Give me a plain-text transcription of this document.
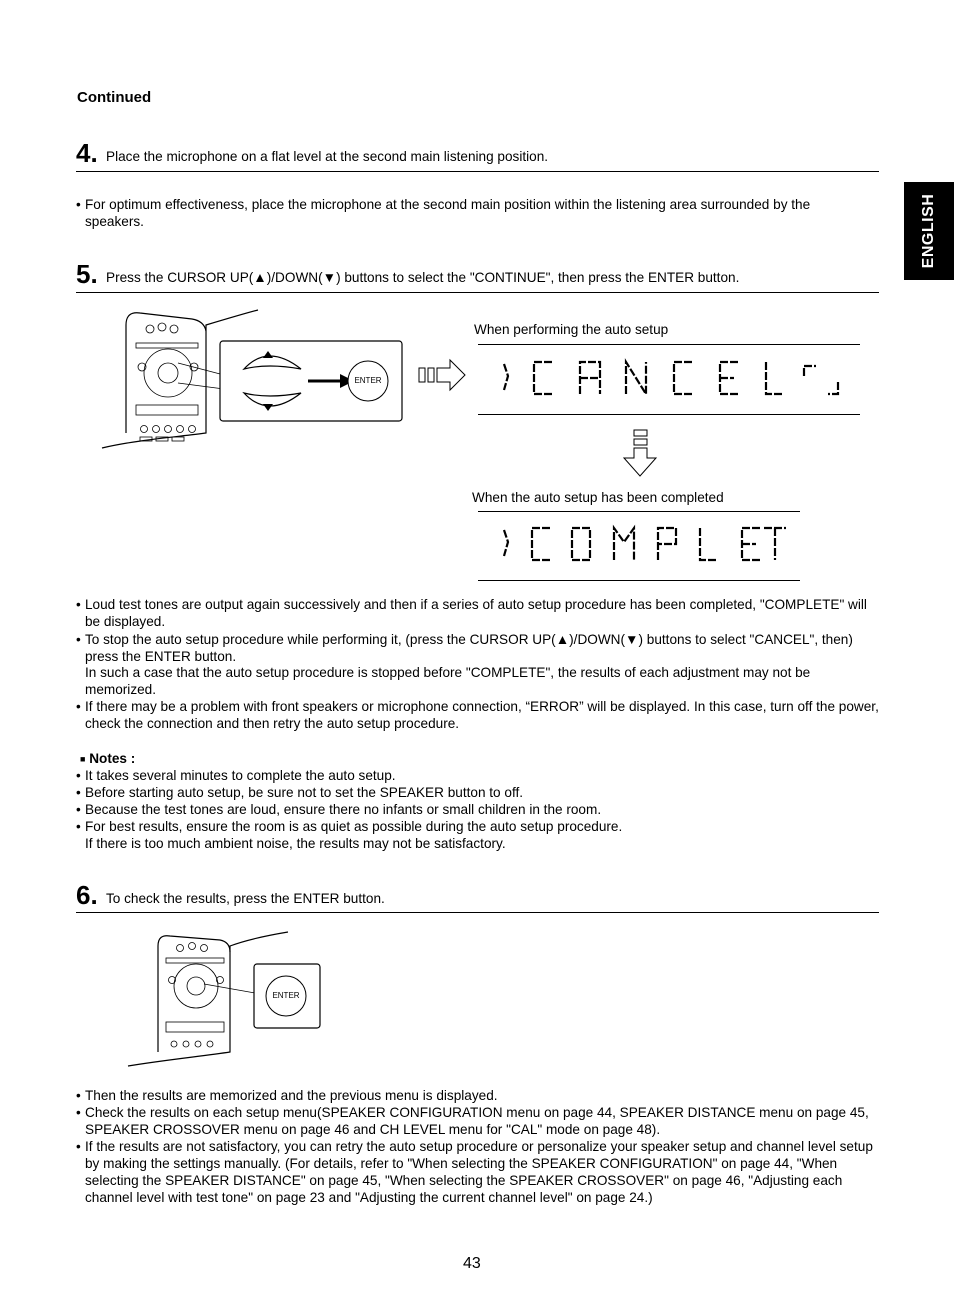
Continued
ENGLISH
4. Place the microphone on a flat level at the second main listening position.
• For optimum effectiveness, place the microphone at the second main position within the listening area surrounded by the speakers.
5. Press the CURSOR UP(▲)/DOWN(▼) buttons to select the "CONTINUE", then press the ENTER button.
ENTER
When performing the auto setup
When the auto setup has been completed
• Loud test tones are output again successively and then if a series of auto setup procedure has been completed, "COMPLETE" will be displayed.
• To stop the auto setup procedure while performing it, (press the CURSOR UP(▲)/DOWN(▼) buttons to select "CANCEL", then) press the ENTER button.
In such a case that the auto setup procedure is stopped before "COMPLETE", the results of each adjustment may not be memorized.
• If there may be a problem with front speakers or microphone connection, “ERROR” will be displayed. In this case, turn off the power, check the connection and then retry the auto setup procedure.
■ Notes :
• It takes several minutes to complete the auto setup.
• Before starting auto setup, be sure not to set the SPEAKER button to off.
• Because the test tones are loud, ensure there no infants or small children in the room.
• For best results, ensure the room is as quiet as possible during the auto setup procedure.
If there is too much ambient noise, the results may not be satisfactory.
6. To check the results, press the ENTER button.
ENTER
• Then the results are memorized and the previous menu is displayed.
• Check the results on each setup menu(SPEAKER CONFIGURATION menu on page 44, SPEAKER DISTANCE menu on page 45, SPEAKER CROSSOVER menu on page 46 and CH LEVEL menu for "CAL" mode on page 48).
• If the results are not satisfactory, you can retry the auto setup procedure or personalize your speaker setup and channel level setup by making the settings manually. (For details, refer to "When selecting the SPEAKER CONFIGURATION" on page 44, "When selecting the SPEAKER DISTANCE" on page 45, "When selecting the SPEAKER CROSSOVER" on page 46, "Adjusting each channel level with test tone" on page 23 and "Adjusting the current channel level" on page 24.)
43
